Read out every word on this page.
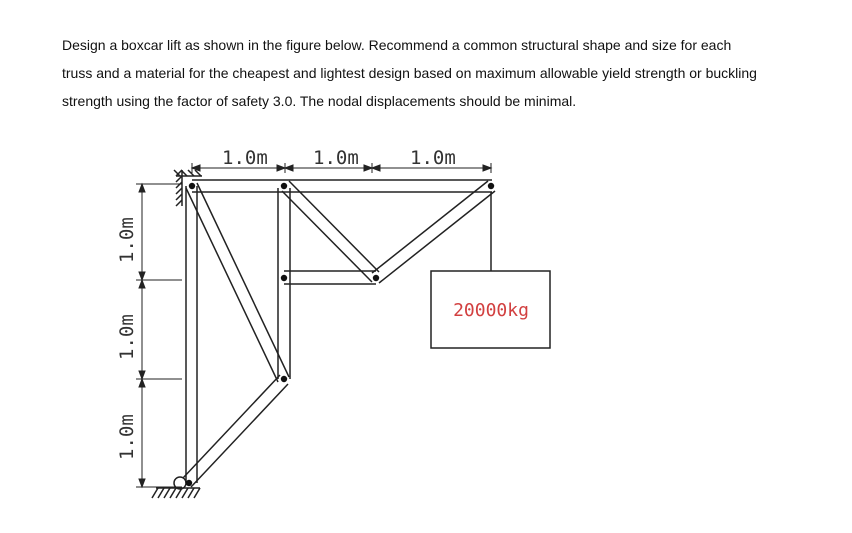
Design a boxcar lift as shown in the figure below. Recommend a common structural shape and size for each

truss and a material for the cheapest and lightest design based on maximum allowable yield strength or buckling

strength using the factor of safety 3.0. The nodal displacements should be minimal.

1.0m 1.0m	1.0m
1.0m
1.0m
1.0m
20000kg
